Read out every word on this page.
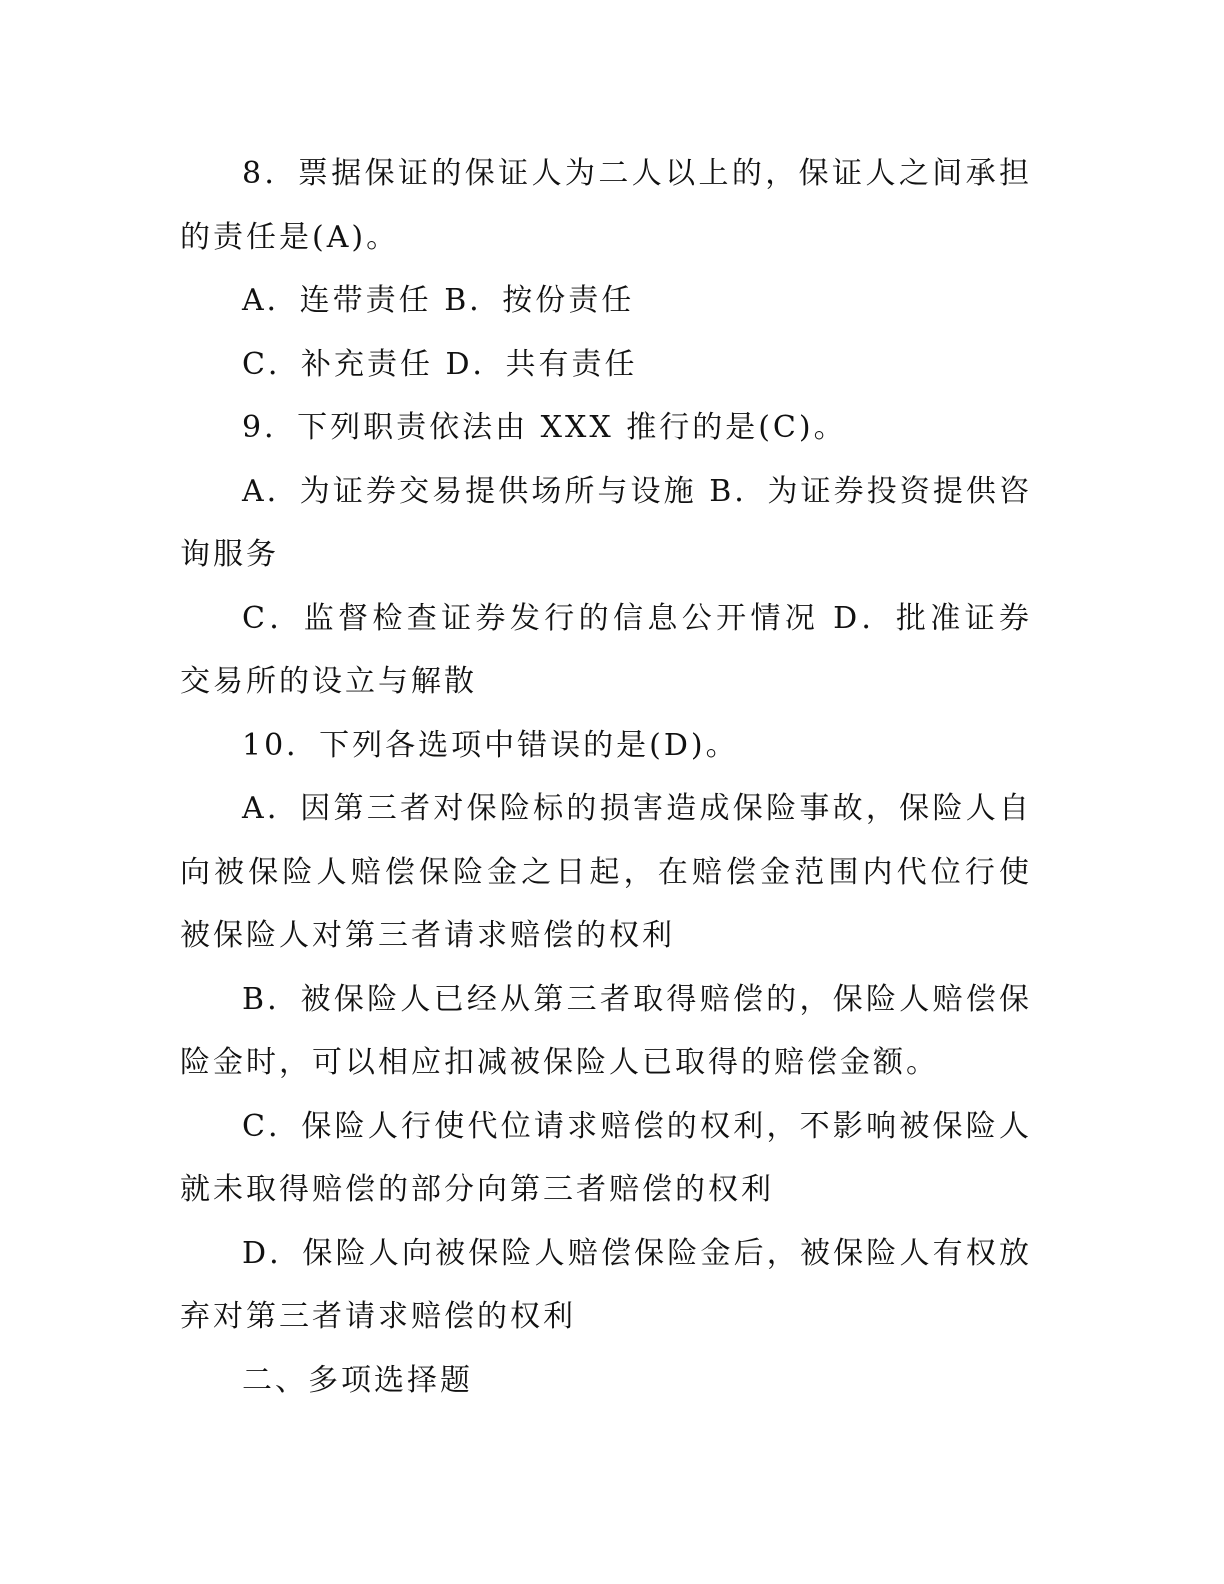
8．票据保证的保证人为二人以上的，保证人之间承担的责任是(A)。

A．连带责任 B．按份责任

C．补充责任 D．共有责任

9．下列职责依法由 XXX 推行的是(C)。

A．为证券交易提供场所与设施 B．为证券投资提供咨询服务

C．监督检查证券发行的信息公开情况 D．批准证券交易所的设立与解散

10．下列各选项中错误的是(D)。

A．因第三者对保险标的损害造成保险事故，保险人自向被保险人赔偿保险金之日起，在赔偿金范围内代位行使被保险人对第三者请求赔偿的权利

B．被保险人已经从第三者取得赔偿的，保险人赔偿保险金时，可以相应扣减被保险人已取得的赔偿金额。

C．保险人行使代位请求赔偿的权利，不影响被保险人就未取得赔偿的部分向第三者赔偿的权利

D．保险人向被保险人赔偿保险金后，被保险人有权放弃对第三者请求赔偿的权利

二、多项选择题
